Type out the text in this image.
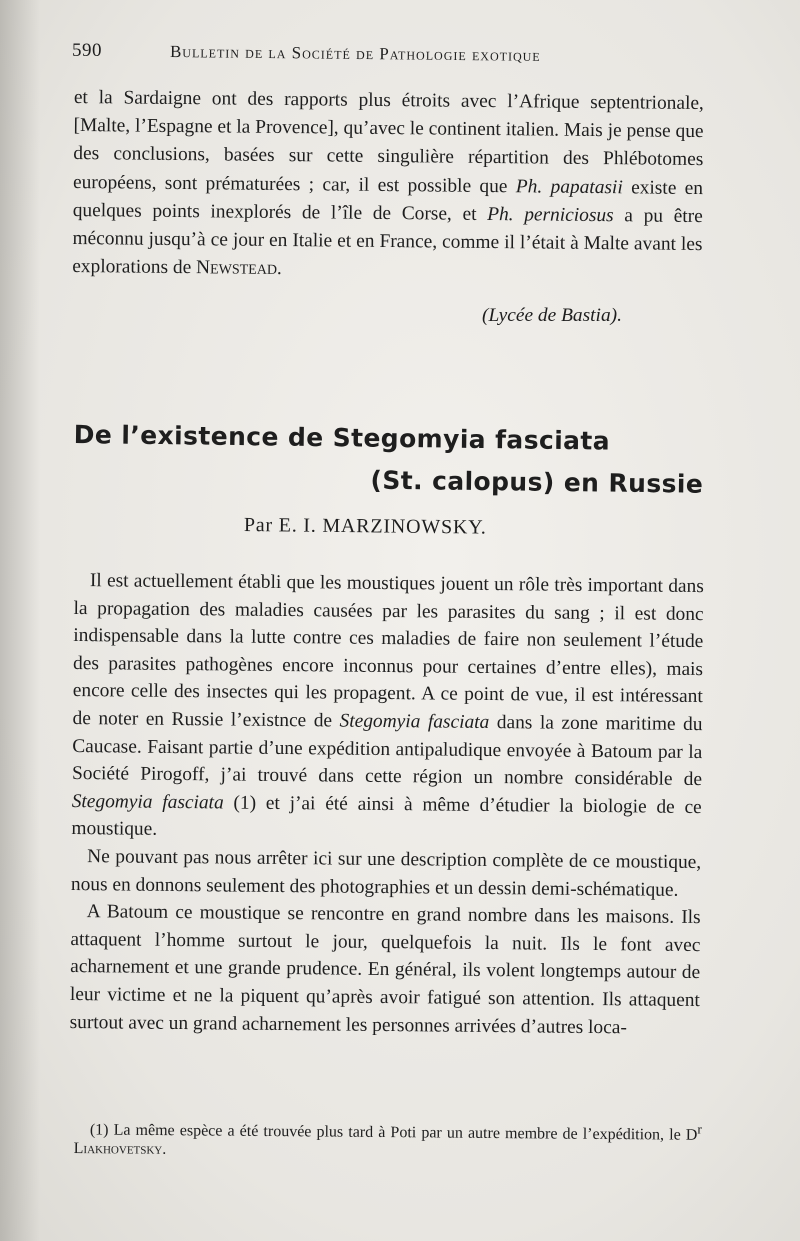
590	Bulletin de la Société de Pathologie exotique

et la Sardaigne ont des rapports plus étroits avec l’Afrique septentrionale, [Malte, l’Espagne et la Provence], qu’avec le continent italien. Mais je pense que des conclusions, basées sur cette singulière répartition des Phlébotomes européens, sont prématurées ; car, il est possible que Ph. papatasii existe en quelques points inexplorés de l’île de Corse, et Ph. perniciosus a pu être méconnu jusqu’à ce jour en Italie et en France, comme il l’était à Malte avant les explorations de Newstead.

(Lycée de Bastia).
De l’existence de Stegomyia fasciata
(St. calopus) en Russie
Par E. I. MARZINOWSKY.

Il est actuellement établi que les moustiques jouent un rôle très important dans la propagation des maladies causées par les parasites du sang ; il est donc indispensable dans la lutte contre ces maladies de faire non seulement l’étude des parasites pathogènes encore inconnus pour certaines d’entre elles), mais encore celle des insectes qui les propagent. A ce point de vue, il est intéressant de noter en Russie l’existnce de Stegomyia fasciata dans la zone maritime du Caucase. Faisant partie d’une expédition antipaludique envoyée à Batoum par la Société Pirogoff, j’ai trouvé dans cette région un nombre considérable de Stegomyia fasciata (1) et j’ai été ainsi à même d’étudier la biologie de ce moustique.

Ne pouvant pas nous arrêter ici sur une description complète de ce moustique, nous en donnons seulement des photographies et un dessin demi-schématique.

A Batoum ce moustique se rencontre en grand nombre dans les maisons. Ils attaquent l’homme surtout le jour, quelquefois la nuit. Ils le font avec acharnement et une grande prudence. En général, ils volent longtemps autour de leur victime et ne la piquent qu’après avoir fatigué son attention. Ils attaquent surtout avec un grand acharnement les personnes arrivées d’autres loca-

(1) La même espèce a été trouvée plus tard à Poti par un autre membre de l’expédition, le $D^r$ Liakhovetsky.
